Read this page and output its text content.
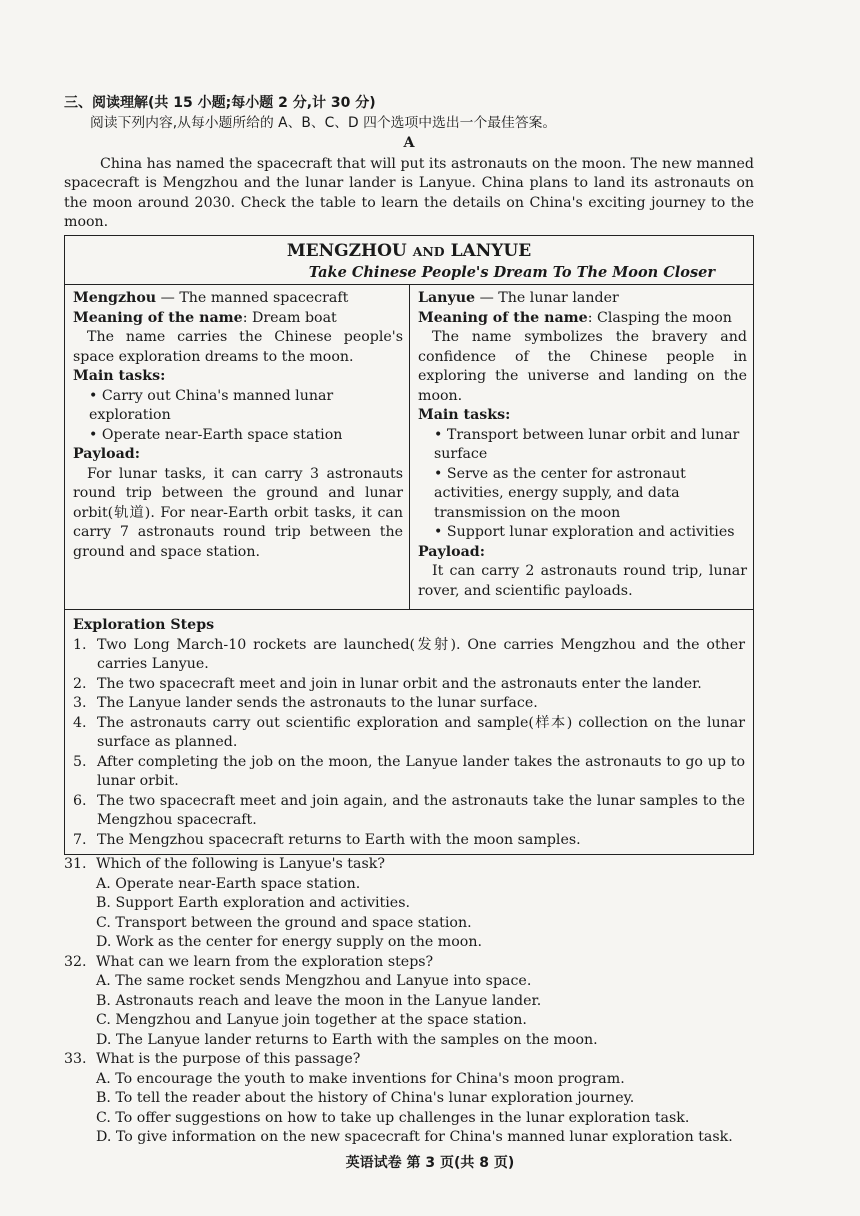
三、阅读理解(共 15 小题;每小题 2 分,计 30 分)
阅读下列内容,从每小题所给的 A、B、C、D 四个选项中选出一个最佳答案。
A

China has named the spacecraft that will put its astronauts on the moon. The new manned spacecraft is Mengzhou and the lunar lander is Lanyue. China plans to land its astronauts on the moon around 2030. Check the table to learn the details on China's exciting journey to the moon.

MENGZHOU AND LANYUE
Take Chinese People's Dream To The Moon Closer

Mengzhou — The manned spacecraft

Meaning of the name: Dream boat

The name carries the Chinese people's space exploration dreams to the moon.

Main tasks:

• Carry out China's manned lunar exploration

• Operate near-Earth space station

Payload:

For lunar tasks, it can carry 3 astronauts round trip between the ground and lunar orbit(轨道). For near-Earth orbit tasks, it can carry 7 astronauts round trip between the ground and space station.

Lanyue — The lunar lander

Meaning of the name: Clasping the moon

The name symbolizes the bravery and confidence of the Chinese people in exploring the universe and landing on the moon.

Main tasks:

• Transport between lunar orbit and lunar surface

• Serve as the center for astronaut activities, energy supply, and data transmission on the moon

• Support lunar exploration and activities

Payload:

It can carry 2 astronauts round trip, lunar rover, and scientific payloads.

Exploration Steps
1. Two Long March-10 rockets are launched(发射). One carries Mengzhou and the other carries Lanyue.
2. The two spacecraft meet and join in lunar orbit and the astronauts enter the lander.
3. The Lanyue lander sends the astronauts to the lunar surface.
4. The astronauts carry out scientific exploration and sample(样本) collection on the lunar surface as planned.
5. After completing the job on the moon, the Lanyue lander takes the astronauts to go up to lunar orbit.
6. The two spacecraft meet and join again, and the astronauts take the lunar samples to the Mengzhou spacecraft.
7. The Mengzhou spacecraft returns to Earth with the moon samples.
31. Which of the following is Lanyue's task?
A. Operate near-Earth space station.
B. Support Earth exploration and activities.
C. Transport between the ground and space station.
D. Work as the center for energy supply on the moon.
32. What can we learn from the exploration steps?
A. The same rocket sends Mengzhou and Lanyue into space.
B. Astronauts reach and leave the moon in the Lanyue lander.
C. Mengzhou and Lanyue join together at the space station.
D. The Lanyue lander returns to Earth with the samples on the moon.
33. What is the purpose of this passage?
A. To encourage the youth to make inventions for China's moon program.
B. To tell the reader about the history of China's lunar exploration journey.
C. To offer suggestions on how to take up challenges in the lunar exploration task.
D. To give information on the new spacecraft for China's manned lunar exploration task.
英语试卷 第 3 页(共 8 页)
